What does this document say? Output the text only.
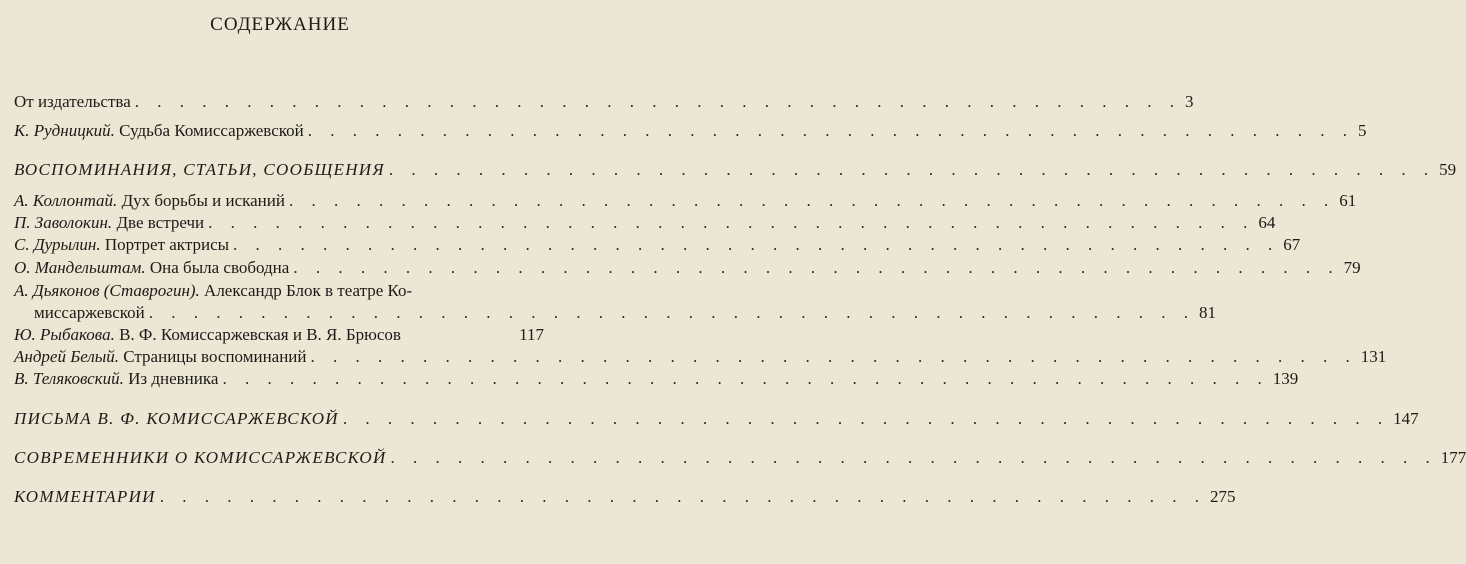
СОДЕРЖАНИЕ
От издательства . . . . . . . . . . . . . . . . . . . . . . . . . . . . . . . . . . . . . . . . . . . . . . . 3
К. Рудницкий. Судьба Комиссаржевской . . . . . . . . . . . . . . . . . . . . . . . . . . . . . . . . . . . . . . . . . . . . . . . 5
ВОСПОМИНАНИЯ, СТАТЬИ, СООБЩЕНИЯ . . . . . . . . . . . . . . . . . . . . . . . . . . . . . . . . . . . . . . . . . . . . . . . 59
А. Коллонтай. Дух борьбы и исканий . . . . . . . . . . . . . . . . . . . . . . . . . . . . . . . . . . . . . . . . . . . . . . . 61
П. Заволокин. Две встречи . . . . . . . . . . . . . . . . . . . . . . . . . . . . . . . . . . . . . . . . . . . . . . . 64
С. Дурылин. Портрет актрисы . . . . . . . . . . . . . . . . . . . . . . . . . . . . . . . . . . . . . . . . . . . . . . . 67
О. Мандельштам. Она была свободна . . . . . . . . . . . . . . . . . . . . . . . . . . . . . . . . . . . . . . . . . . . . . . . 79
А. Дьяконов (Ставрогин). Александр Блок в театре Ко-
миссаржевской . . . . . . . . . . . . . . . . . . . . . . . . . . . . . . . . . . . . . . . . . . . . . . . 81
Ю. Рыбакова. В. Ф. Комиссаржевская и В. Я. Брюсов	117
Андрей Белый. Страницы воспоминаний . . . . . . . . . . . . . . . . . . . . . . . . . . . . . . . . . . . . . . . . . . . . . . . 131
В. Теляковский. Из дневника . . . . . . . . . . . . . . . . . . . . . . . . . . . . . . . . . . . . . . . . . . . . . . . 139
ПИСЬМА В. Ф. КОМИССАРЖЕВСКОЙ . . . . . . . . . . . . . . . . . . . . . . . . . . . . . . . . . . . . . . . . . . . . . . . 147
СОВРЕМЕННИКИ О КОМИССАРЖЕВСКОЙ . . . . . . . . . . . . . . . . . . . . . . . . . . . . . . . . . . . . . . . . . . . . . . . 177
КОММЕНТАРИИ . . . . . . . . . . . . . . . . . . . . . . . . . . . . . . . . . . . . . . . . . . . . . . . 275
